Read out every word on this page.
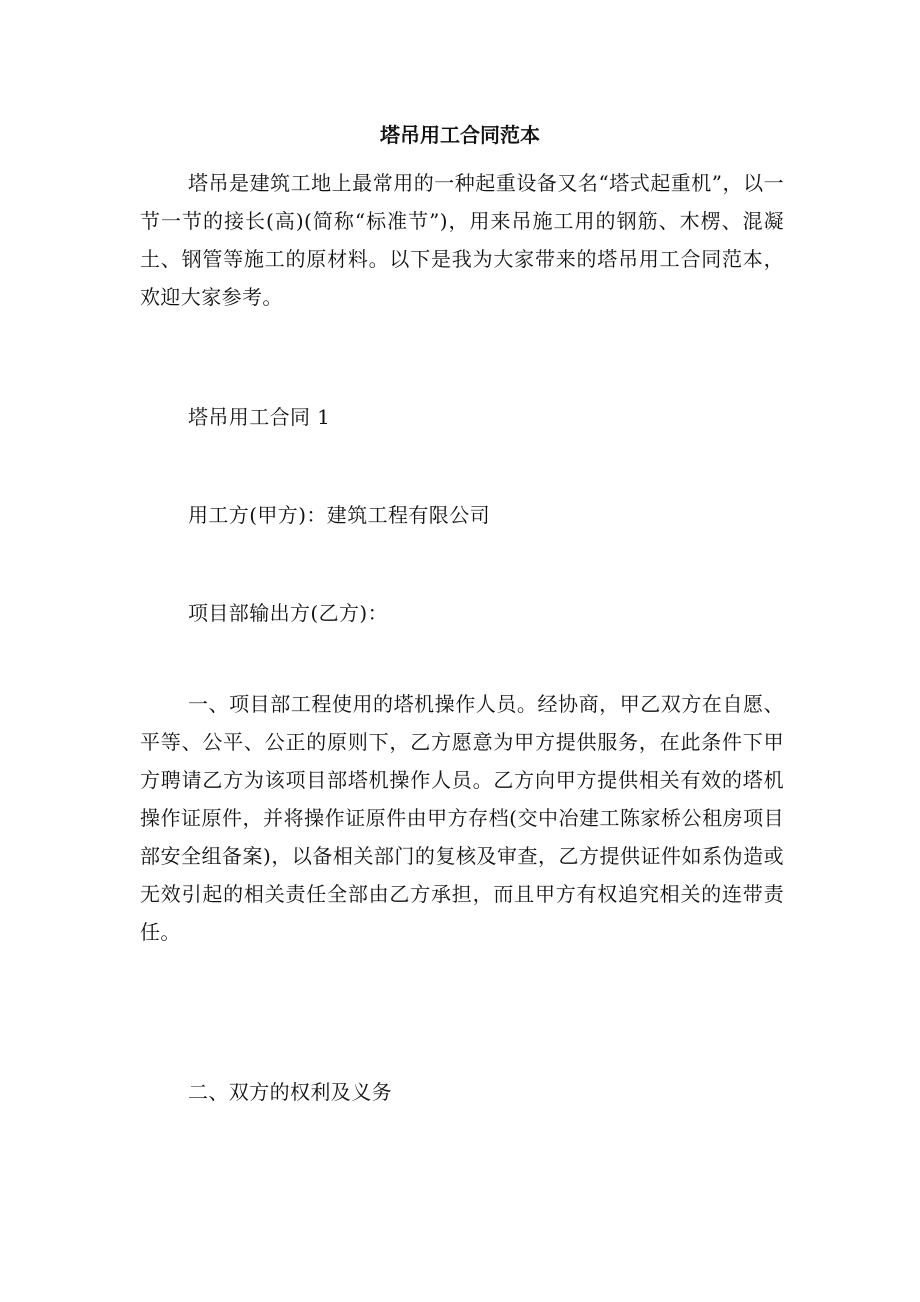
塔吊用工合同范本

塔吊是建筑工地上最常用的一种起重设备又名“塔式起重机”，以一节一节的接长(高)(简称“标准节”)，用来吊施工用的钢筋、木楞、混凝土、钢管等施工的原材料。以下是我为大家带来的塔吊用工合同范本，欢迎大家参考。

塔吊用工合同 1

用工方(甲方)：建筑工程有限公司

项目部输出方(乙方)：

一、项目部工程使用的塔机操作人员。经协商，甲乙双方在自愿、平等、公平、公正的原则下，乙方愿意为甲方提供服务，在此条件下甲方聘请乙方为该项目部塔机操作人员。乙方向甲方提供相关有效的塔机操作证原件，并将操作证原件由甲方存档(交中冶建工陈家桥公租房项目部安全组备案)，以备相关部门的复核及审查，乙方提供证件如系伪造或无效引起的相关责任全部由乙方承担，而且甲方有权追究相关的连带责任。

二、双方的权利及义务
